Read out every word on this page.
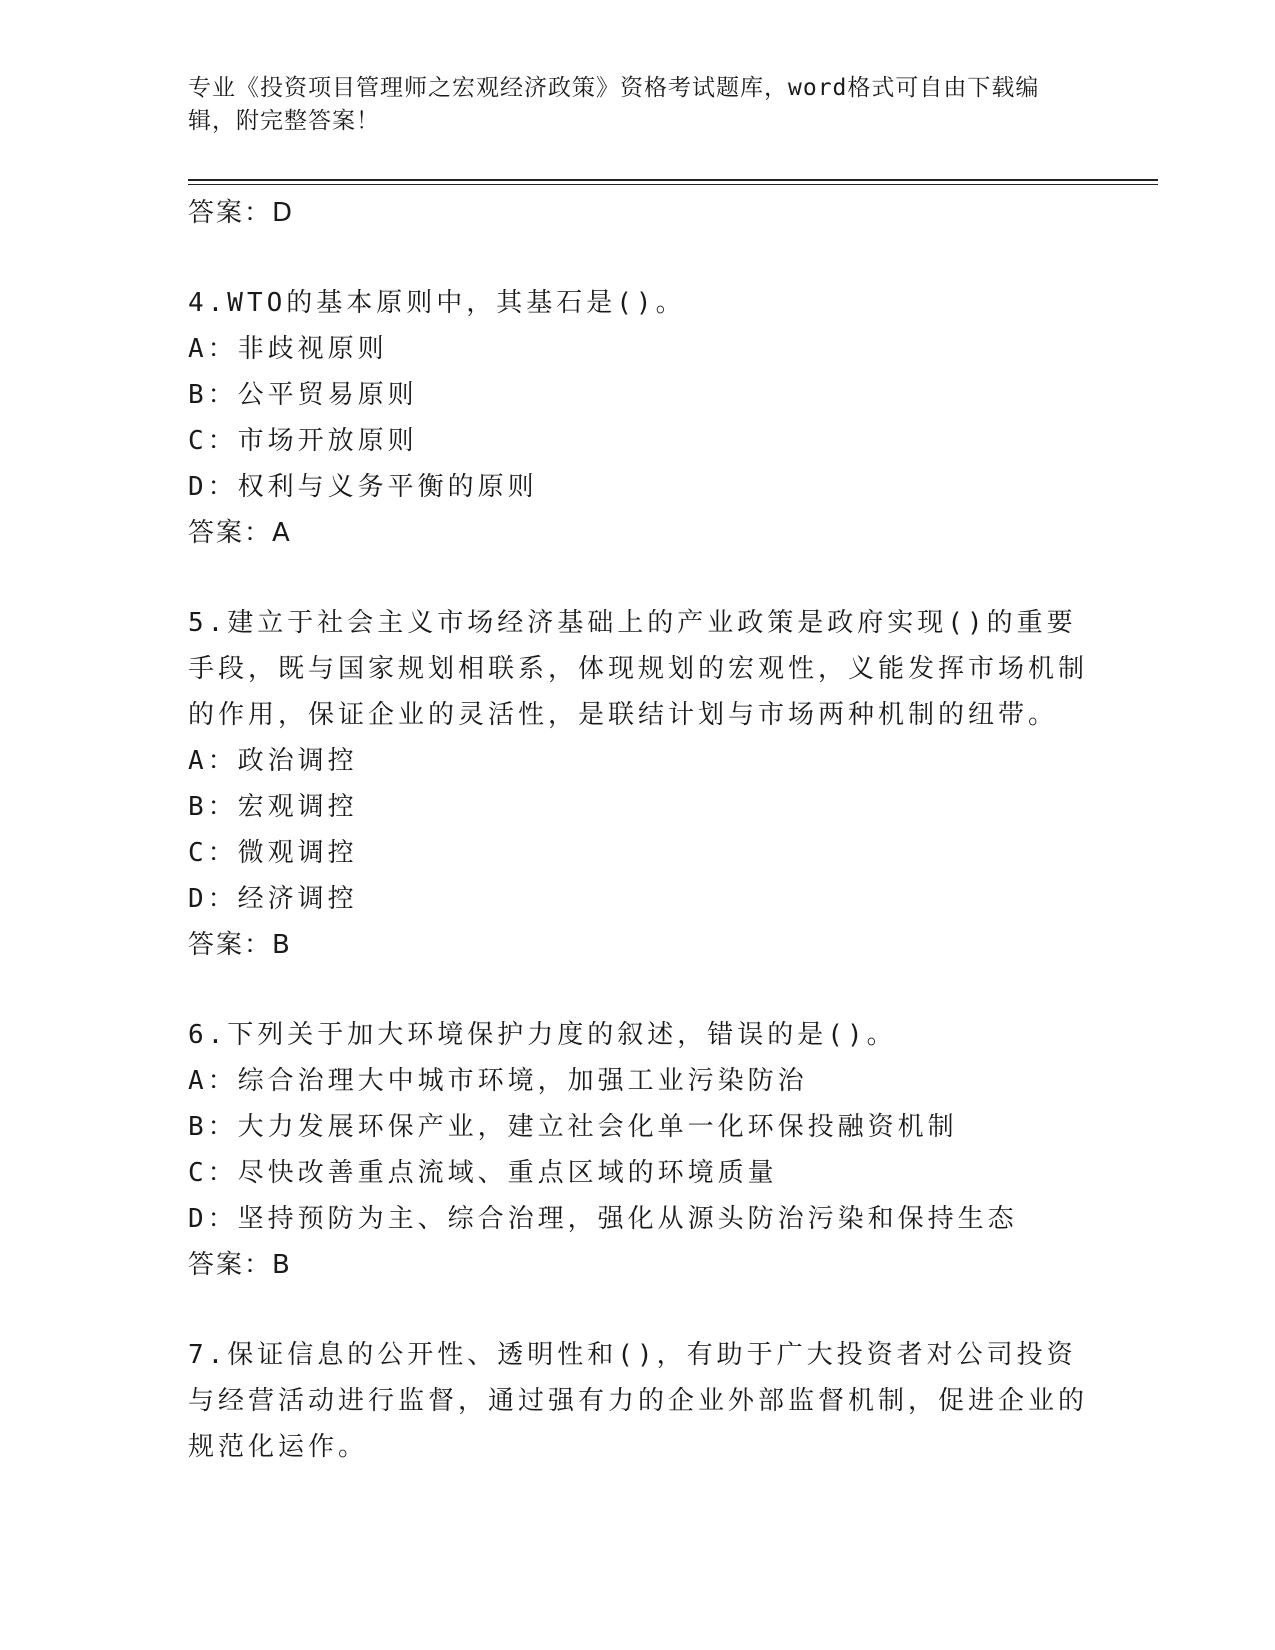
专业《投资项目管理师之宏观经济政策》资格考试题库，word格式可自由下载编辑，附完整答案！

答案：D

4.WTO的基本原则中，其基石是()。

A：非歧视原则

B：公平贸易原则

C：市场开放原则

D：权利与义务平衡的原则

答案：A

5.建立于社会主义市场经济基础上的产业政策是政府实现()的重要手段，既与国家规划相联系，体现规划的宏观性，义能发挥市场机制的作用，保证企业的灵活性，是联结计划与市场两种机制的纽带。

A：政治调控

B：宏观调控

C：微观调控

D：经济调控

答案：B

6.下列关于加大环境保护力度的叙述，错误的是()。

A：综合治理大中城市环境，加强工业污染防治

B：大力发展环保产业，建立社会化单一化环保投融资机制

C：尽快改善重点流域、重点区域的环境质量

D：坚持预防为主、综合治理，强化从源头防治污染和保持生态

答案：B

7.保证信息的公开性、透明性和()，有助于广大投资者对公司投资与经营活动进行监督，通过强有力的企业外部监督机制，促进企业的规范化运作。
